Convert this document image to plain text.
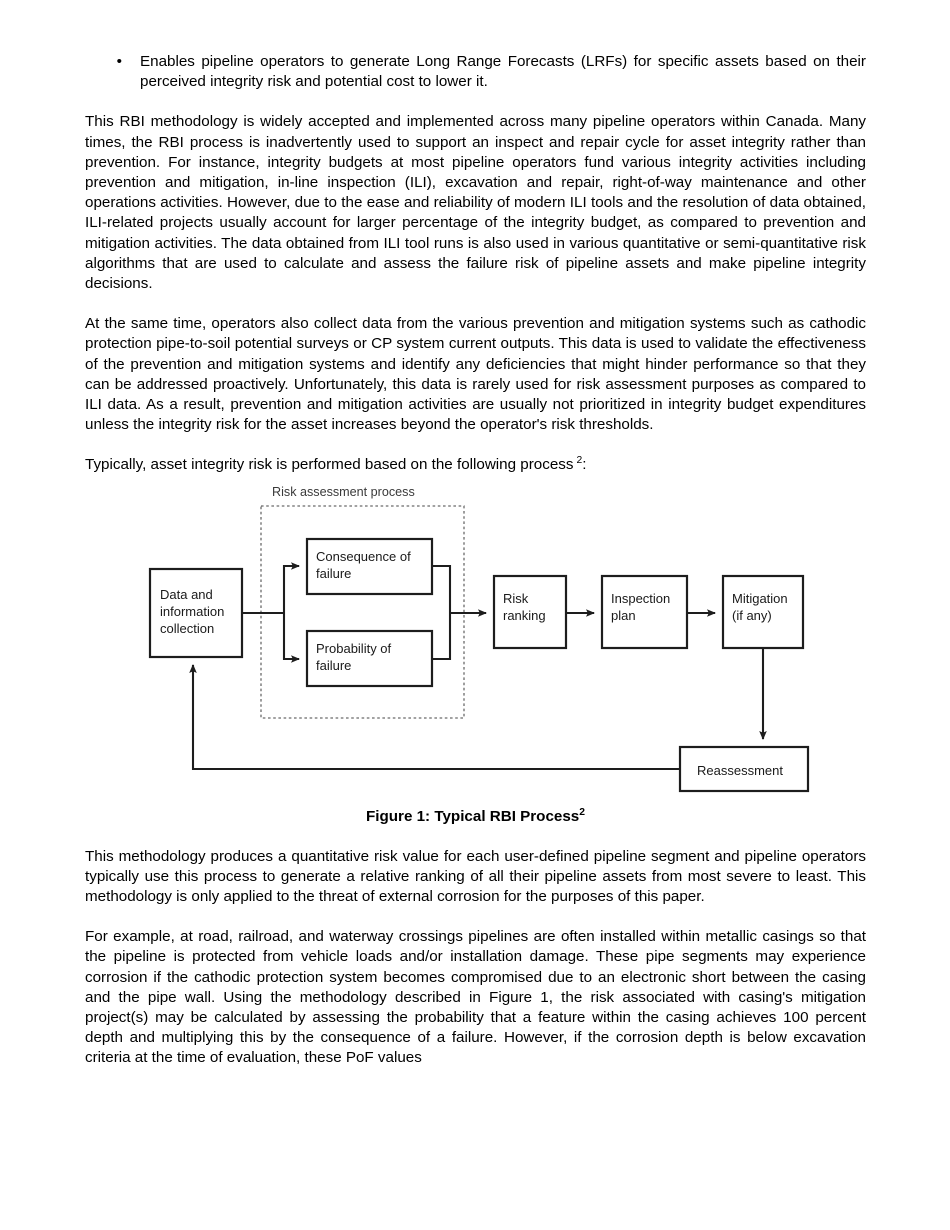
•	Enables pipeline operators to generate Long Range Forecasts (LRFs) for specific assets based on their perceived integrity risk and potential cost to lower it.

This RBI methodology is widely accepted and implemented across many pipeline operators within Canada. Many times, the RBI process is inadvertently used to support an inspect and repair cycle for asset integrity rather than prevention. For instance, integrity budgets at most pipeline operators fund various integrity activities including prevention and mitigation, in-line inspection (ILI), excavation and repair, right-of-way maintenance and other operations activities. However, due to the ease and reliability of modern ILI tools and the resolution of data obtained, ILI-related projects usually account for larger percentage of the integrity budget, as compared to prevention and mitigation activities. The data obtained from ILI tool runs is also used in various quantitative or semi-quantitative risk algorithms that are used to calculate and assess the failure risk of pipeline assets and make pipeline integrity decisions.

At the same time, operators also collect data from the various prevention and mitigation systems such as cathodic protection pipe-to-soil potential surveys or CP system current outputs. This data is used to validate the effectiveness of the prevention and mitigation systems and identify any deficiencies that might hinder performance so that they can be addressed proactively. Unfortunately, this data is rarely used for risk assessment purposes as compared to ILI data. As a result, prevention and mitigation activities are usually not prioritized in integrity budget expenditures unless the integrity risk for the asset increases beyond the operator's risk thresholds.

Typically, asset integrity risk is performed based on the following process $^2$:

Risk assessment process
Data and
information
collection
Consequence of
failure
Probability of
failure
Risk
ranking
Inspection
plan
Mitigation
(if any)
Reassessment

Figure 1: Typical RBI Process$^2$

This methodology produces a quantitative risk value for each user-defined pipeline segment and pipeline operators typically use this process to generate a relative ranking of all their pipeline assets from most severe to least. This methodology is only applied to the threat of external corrosion for the purposes of this paper.

For example, at road, railroad, and waterway crossings pipelines are often installed within metallic casings so that the pipeline is protected from vehicle loads and/or installation damage. These pipe segments may experience corrosion if the cathodic protection system becomes compromised due to an electronic short between the casing and the pipe wall. Using the methodology described in Figure 1, the risk associated with casing's mitigation project(s) may be calculated by assessing the probability that a feature within the casing achieves 100 percent depth and multiplying this by the consequence of a failure. However, if the corrosion depth is below excavation criteria at the time of evaluation, these PoF values
